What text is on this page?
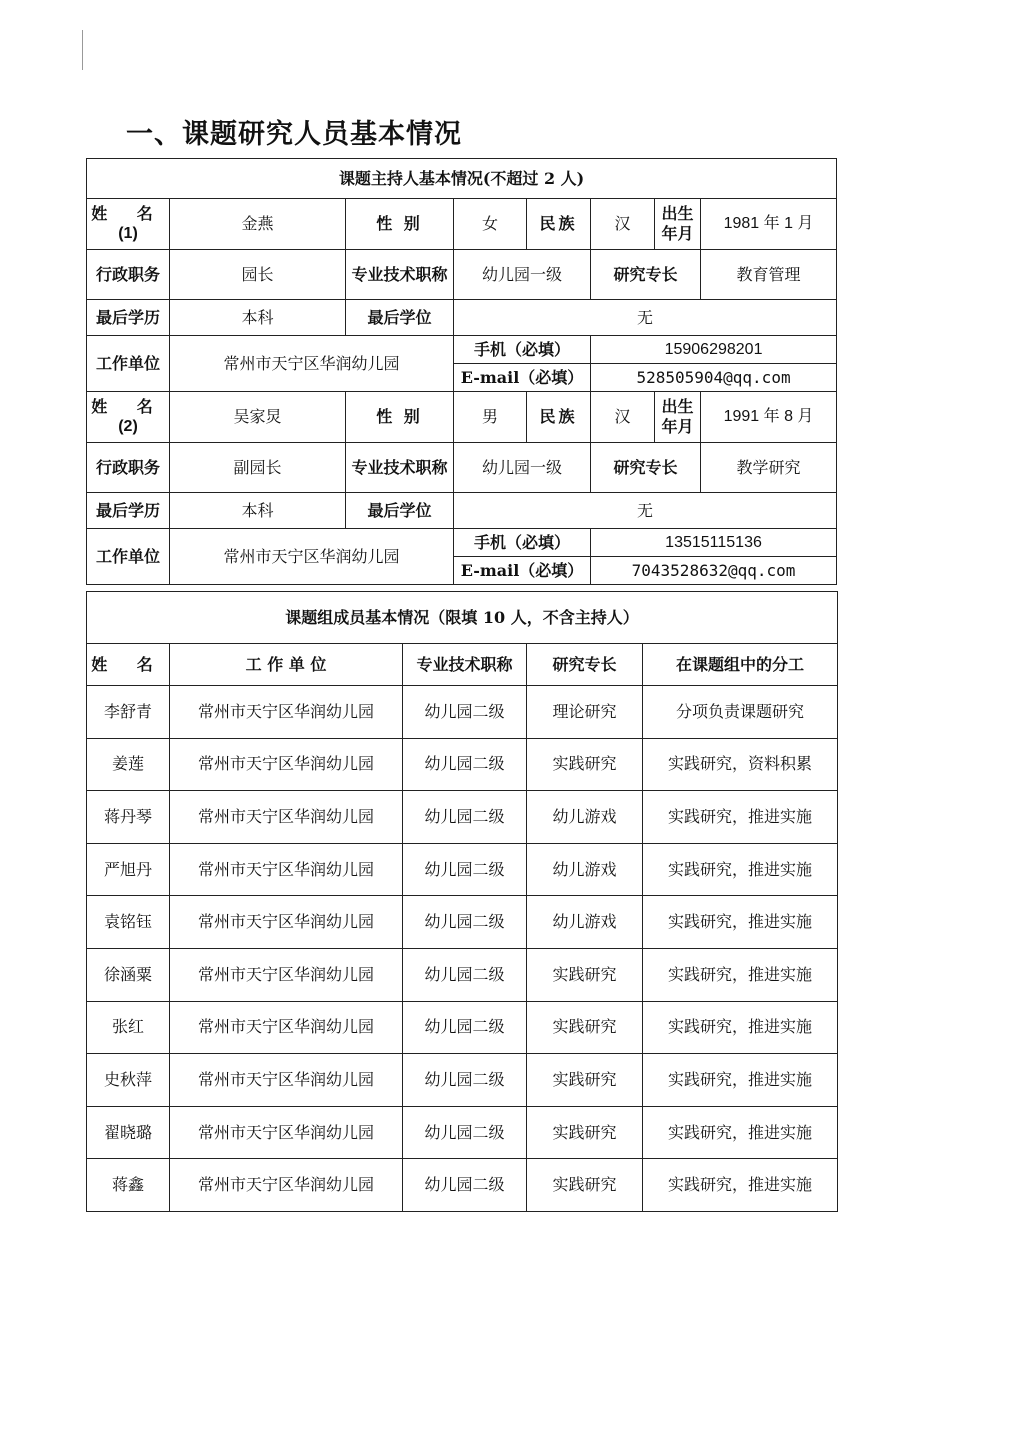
一、课题研究人员基本情况
课题主持人基本情况(不超过 2 人)							

姓 名
(1)	金燕	性 别	女	民族	汉	出生年月	1981 年 1 月
行政职务	园长	专业技术职称	幼儿园一级		研究专长		教育管理
最后学历	本科	最后学位	无				
工作单位	常州市天宁区华润幼儿园		手机（必填）		15906298201		
			E-mail（必填）		528505904@qq.com		

姓 名
(2)	吴家炅	性 别	男	民族	汉	出生年月	1991 年 8 月
行政职务	副园长	专业技术职称	幼儿园一级		研究专长		教学研究
最后学历	本科	最后学位	无				
工作单位	常州市天宁区华润幼儿园		手机（必填）		13515115136		
			E-mail（必填）		7043528632@qq.com		
课题组成员基本情况（限填 10 人，不含主持人）				
姓 名	工 作 单 位	专业技术职称	研究专长	在课题组中的分工
李舒青	常州市天宁区华润幼儿园	幼儿园二级	理论研究	分项负责课题研究
姜莲	常州市天宁区华润幼儿园	幼儿园二级	实践研究	实践研究，资料积累
蒋丹琴	常州市天宁区华润幼儿园	幼儿园二级	幼儿游戏	实践研究，推进实施
严旭丹	常州市天宁区华润幼儿园	幼儿园二级	幼儿游戏	实践研究，推进实施
袁铭钰	常州市天宁区华润幼儿园	幼儿园二级	幼儿游戏	实践研究，推进实施
徐涵粟	常州市天宁区华润幼儿园	幼儿园二级	实践研究	实践研究，推进实施
张红	常州市天宁区华润幼儿园	幼儿园二级	实践研究	实践研究，推进实施
史秋萍	常州市天宁区华润幼儿园	幼儿园二级	实践研究	实践研究，推进实施
翟晓璐	常州市天宁区华润幼儿园	幼儿园二级	实践研究	实践研究，推进实施
蒋鑫	常州市天宁区华润幼儿园	幼儿园二级	实践研究	实践研究，推进实施
